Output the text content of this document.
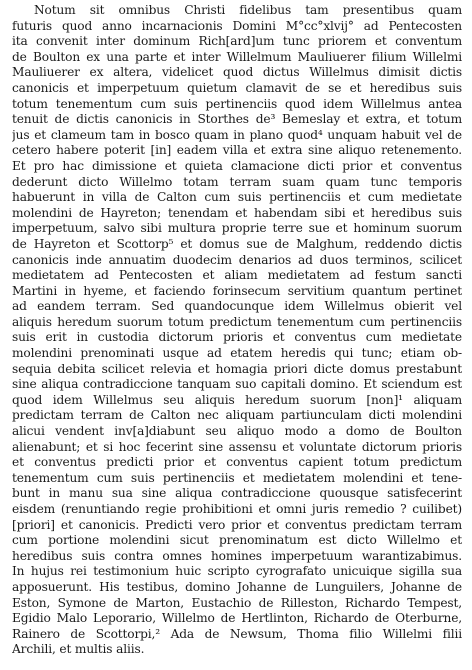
Notum sit omnibus Christi fidelibus tam presentibus quam
futuris quod anno incarnacionis Domini M°cc°xlvij° ad Pentecosten
ita convenit inter dominum Rich[ard]um tunc priorem et conventum
de Boulton ex una parte et inter Willelmum Mauliuerer filium Willelmi
Mauliuerer ex altera, videlicet quod dictus Willelmus dimisit dictis
canonicis et imperpetuum quietum clamavit de se et heredibus suis
totum tenementum cum suis pertinenciis quod idem Willelmus antea
tenuit de dictis canonicis in Storthes de³ Bemeslay et extra, et totum
jus et clameum tam in bosco quam in plano quod⁴ unquam habuit vel de
cetero habere poterit [in] eadem villa et extra sine aliquo retenemento.
Et pro hac dimissione et quieta clamacione dicti prior et conventus
dederunt dicto Willelmo totam terram suam quam tunc temporis
habuerunt in villa de Calton cum suis pertinenciis et cum medietate
molendini de Hayreton; tenendam et habendam sibi et heredibus suis
imperpetuum, salvo sibi multura proprie terre sue et hominum suorum
de Hayreton et Scottorp⁵ et domus sue de Malghum, reddendo dictis
canonicis inde annuatim duodecim denarios ad duos terminos, scilicet
medietatem ad Pentecosten et aliam medietatem ad festum sancti
Martini in hyeme, et faciendo forinsecum servitium quantum pertinet
ad eandem terram. Sed quandocunque idem Willelmus obierit vel
aliquis heredum suorum totum predictum tenementum cum pertinenciis
suis erit in custodia dictorum prioris et conventus cum medietate
molendini prenominati usque ad etatem heredis qui tunc; etiam ob-
sequia debita scilicet relevia et homagia priori dicte domus prestabunt
sine aliqua contradiccione tanquam suo capitali domino. Et sciendum est
quod idem Willelmus seu aliquis heredum suorum [non]¹ aliquam
predictam terram de Calton nec aliquam partiunculam dicti molendini
alicui vendent inv[a]diabunt seu aliquo modo a domo de Boulton
alienabunt; et si hoc fecerint sine assensu et voluntate dictorum prioris
et conventus predicti prior et conventus capient totum predictum
tenementum cum suis pertinenciis et medietatem molendini et tene-
bunt in manu sua sine aliqua contradiccione quousque satisfecerint
eisdem (renuntiando regie prohibitioni et omni juris remedio ? cuilibet)
[priori] et canonicis. Predicti vero prior et conventus predictam terram
cum portione molendini sicut prenominatum est dicto Willelmo et
heredibus suis contra omnes homines imperpetuum warantizabimus.
In hujus rei testimonium huic scripto cyrografato unicuique sigilla sua
apposuerunt. His testibus, domino Johanne de Lunguilers, Johanne de
Eston, Symone de Marton, Eustachio de Rilleston, Richardo Tempest,
Egidio Malo Leporario, Willelmo de Hertlinton, Richardo de Oterburne,
Rainero de Scottorpi,² Ada de Newsum, Thoma filio Willelmi filii
Archili, et multis aliis.
